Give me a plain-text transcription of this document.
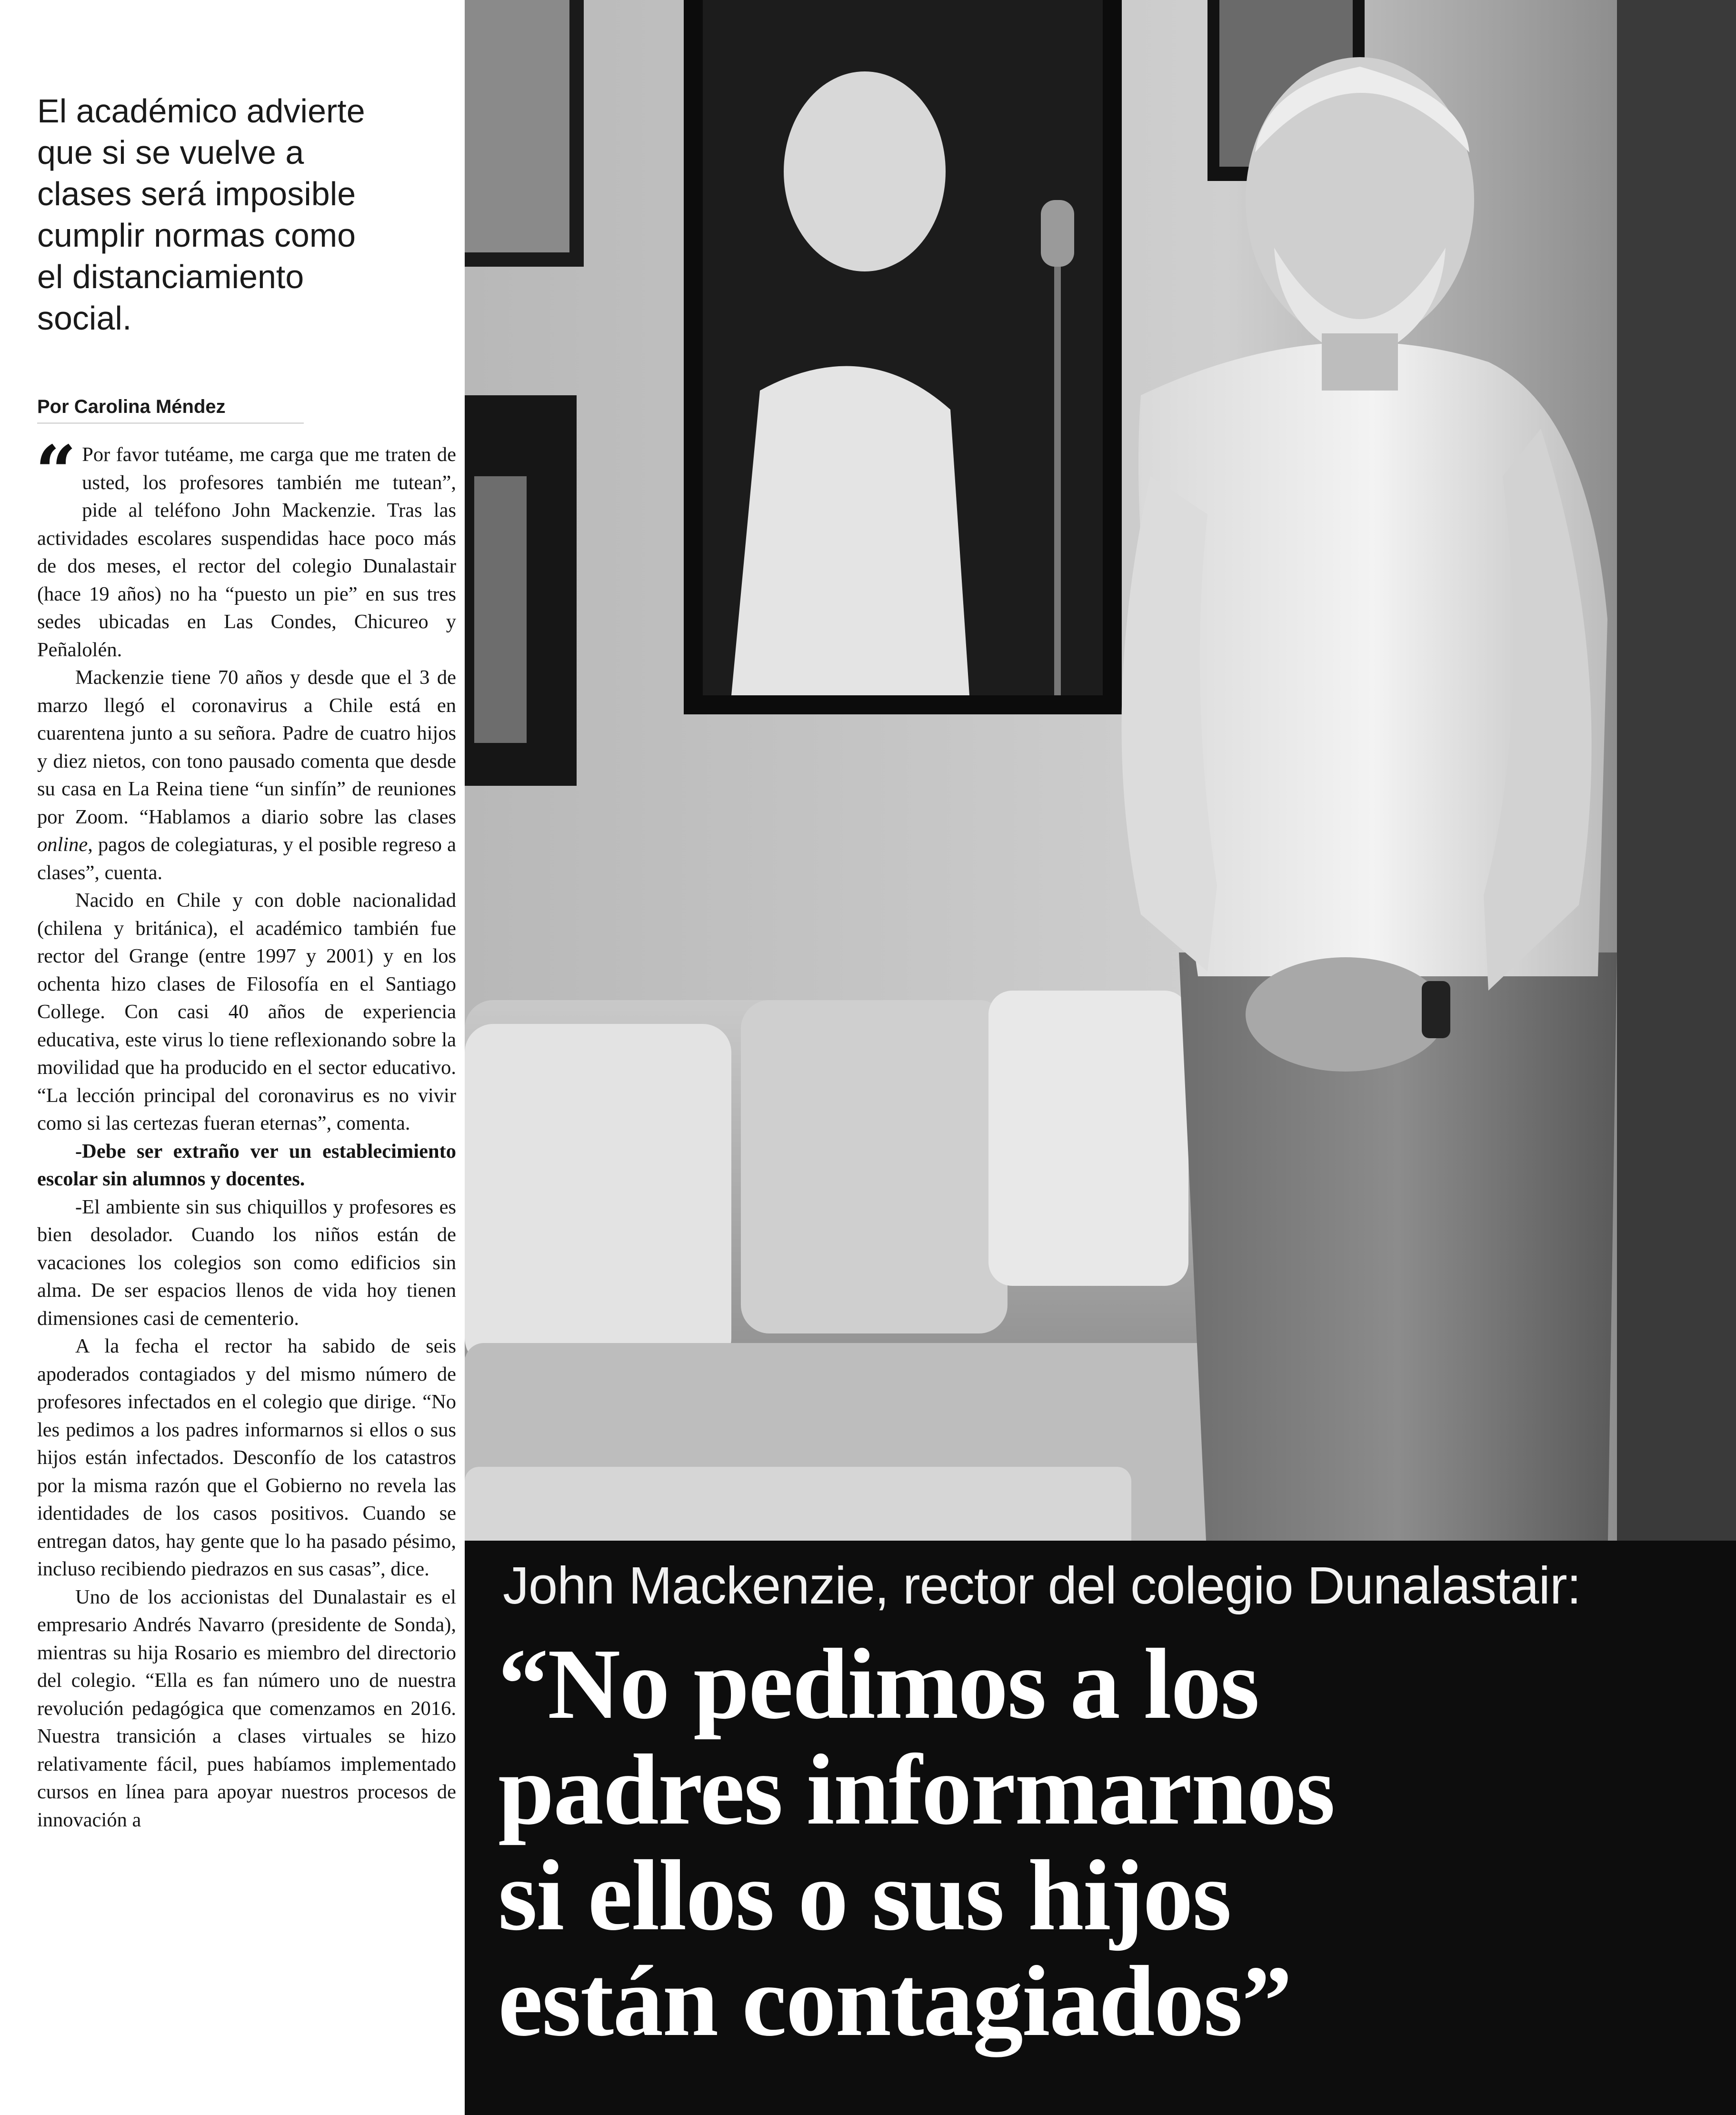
El académico advierte que si se vuelve a clases será imposible cumplir normas como el distanciamiento social.

Por Carolina Méndez

“ Por favor tutéame, me carga que me traten de usted, los profesores también me tutean”, pide al teléfono John Mackenzie. Tras las actividades escolares suspendidas hace poco más de dos meses, el rector del colegio Dunalastair (hace 19 años) no ha “puesto un pie” en sus tres sedes ubicadas en Las Condes, Chicureo y Peñalolén.

Mackenzie tiene 70 años y desde que el 3 de marzo llegó el coronavirus a Chile está en cuarentena junto a su señora. Padre de cuatro hijos y diez nietos, con tono pausado comenta que desde su casa en La Reina tiene “un sinfín” de reuniones por Zoom. “Hablamos a diario sobre las clases online, pagos de colegiaturas, y el posible regreso a clases”, cuenta.

Nacido en Chile y con doble nacionalidad (chilena y británica), el académico también fue rector del Grange (entre 1997 y 2001) y en los ochenta hizo clases de Filosofía en el Santiago College. Con casi 40 años de experiencia educativa, este virus lo tiene reflexionando sobre la movilidad que ha producido en el sector educativo. “La lección principal del coronavirus es no vivir como si las certezas fueran eternas”, comenta.

-Debe ser extraño ver un establecimiento escolar sin alumnos y docentes.

-El ambiente sin sus chiquillos y profesores es bien desolador. Cuando los niños están de vacaciones los colegios son como edificios sin alma. De ser espacios llenos de vida hoy tienen dimensiones casi de cementerio.

A la fecha el rector ha sabido de seis apoderados contagiados y del mismo número de profesores infectados en el colegio que dirige. “No les pedimos a los padres informarnos si ellos o sus hijos están infectados. Desconfío de los catastros por la misma razón que el Gobierno no revela las identidades de los casos positivos. Cuando se entregan datos, hay gente que lo ha pasado pésimo, incluso recibiendo piedrazos en sus casas”, dice.

Uno de los accionistas del Dunalastair es el empresario Andrés Navarro (presidente de Sonda), mientras su hija Rosario es miembro del directorio del colegio. “Ella es fan número uno de nuestra revolución pedagógica que comenzamos en 2016. Nuestra transición a clases virtuales se hizo relativamente fácil, pues habíamos implementado cursos en línea para apoyar nuestros procesos de innovación a

John Mackenzie, rector del colegio Dunalastair:
“No pedimos a los
padres informarnos
si ellos o sus hijos
están contagiados”
